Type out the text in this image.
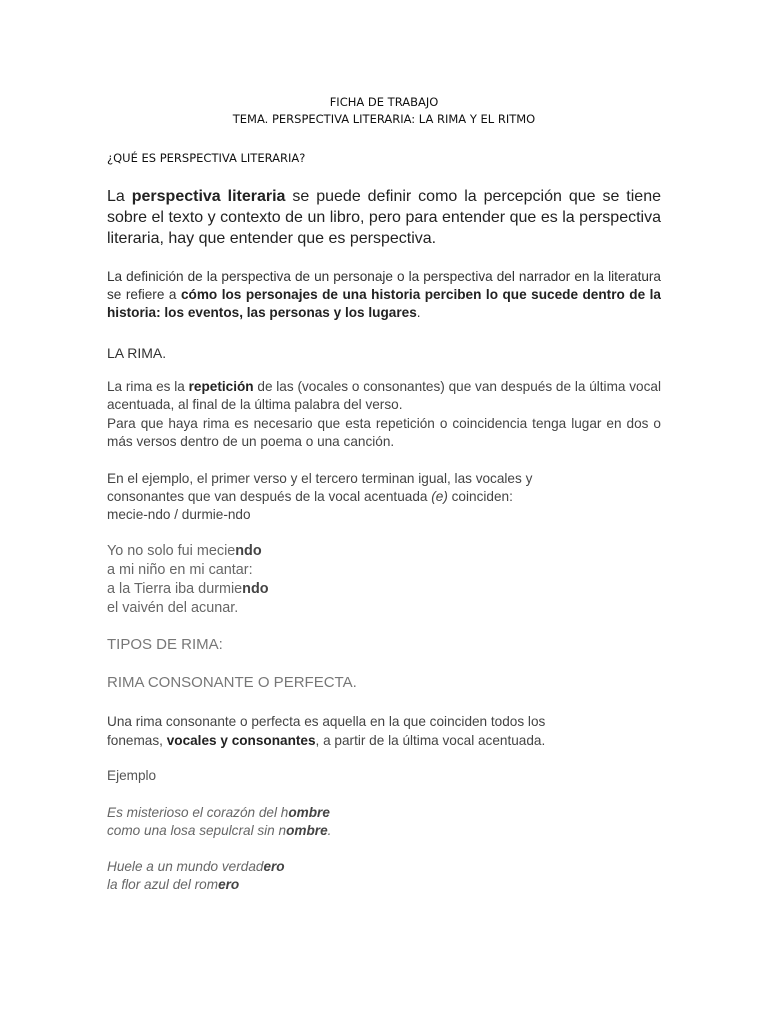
FICHA DE TRABAJO

TEMA. PERSPECTIVA LITERARIA: LA RIMA Y EL RITMO

¿QUÉ ES PERSPECTIVA LITERARIA?

La perspectiva literaria se puede definir como la percepción que se tiene sobre el texto y contexto de un libro, pero para entender que es la perspectiva literaria, hay que entender que es perspectiva.

La definición de la perspectiva de un personaje o la perspectiva del narrador en la literatura se refiere a cómo los personajes de una historia perciben lo que sucede dentro de la historia: los eventos, las personas y los lugares.

LA RIMA.

La rima es la repetición de las (vocales o consonantes) que van después de la última vocal acentuada, al final de la última palabra del verso.

Para que haya rima es necesario que esta repetición o coincidencia tenga lugar en dos o más versos dentro de un poema o una canción.

En el ejemplo, el primer verso y el tercero terminan igual, las vocales y
consonantes que van después de la vocal acentuada (e) coinciden:
mecie-ndo / durmie-ndo
Yo no solo fui meciendo
a mi niño en mi cantar:
a la Tierra iba durmiendo
el vaivén del acunar.

TIPOS DE RIMA:

RIMA CONSONANTE O PERFECTA.

Una rima consonante o perfecta es aquella en la que coinciden todos los
fonemas, vocales y consonantes, a partir de la última vocal acentuada.

Ejemplo

Es misterioso el corazón del hombre
como una losa sepulcral sin nombre.
Huele a un mundo verdadero
la flor azul del romero
